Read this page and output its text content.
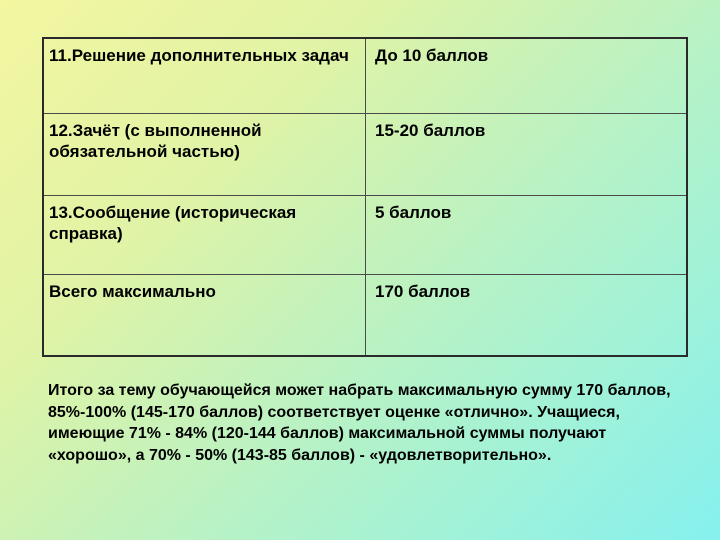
11.Решение дополнительных задач	До 10 баллов
12.Зачёт (с выполненной обязательной частью)	15-20 баллов
13.Сообщение (историческая справка)	5 баллов
Всего максимально	170 баллов

Итого за тему обучающейся может набрать максимальную сумму 170 баллов, 85%-100% (145-170 баллов) соответствует оценке «отлично». Учащиеся, имеющие 71% - 84% (120-144 баллов) максимальной суммы получают «хорошо», а 70% - 50% (143-85 баллов) - «удовлетворительно».
